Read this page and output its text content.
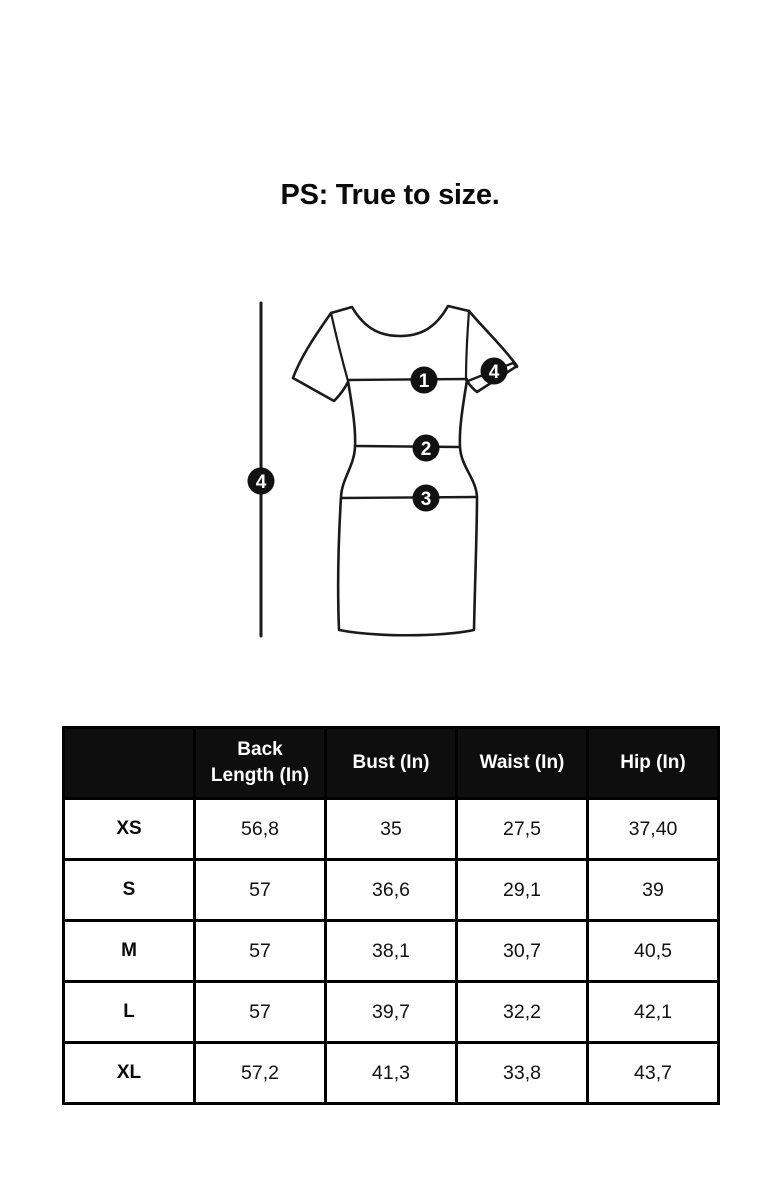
PS: True to size.
1
2
3
4
4
	Back Length (In)	Bust (In)	Waist (In)	Hip (In)
XS	56,8	35	27,5	37,40
S	57	36,6	29,1	39
M	57	38,1	30,7	40,5
L	57	39,7	32,2	42,1
XL	57,2	41,3	33,8	43,7
